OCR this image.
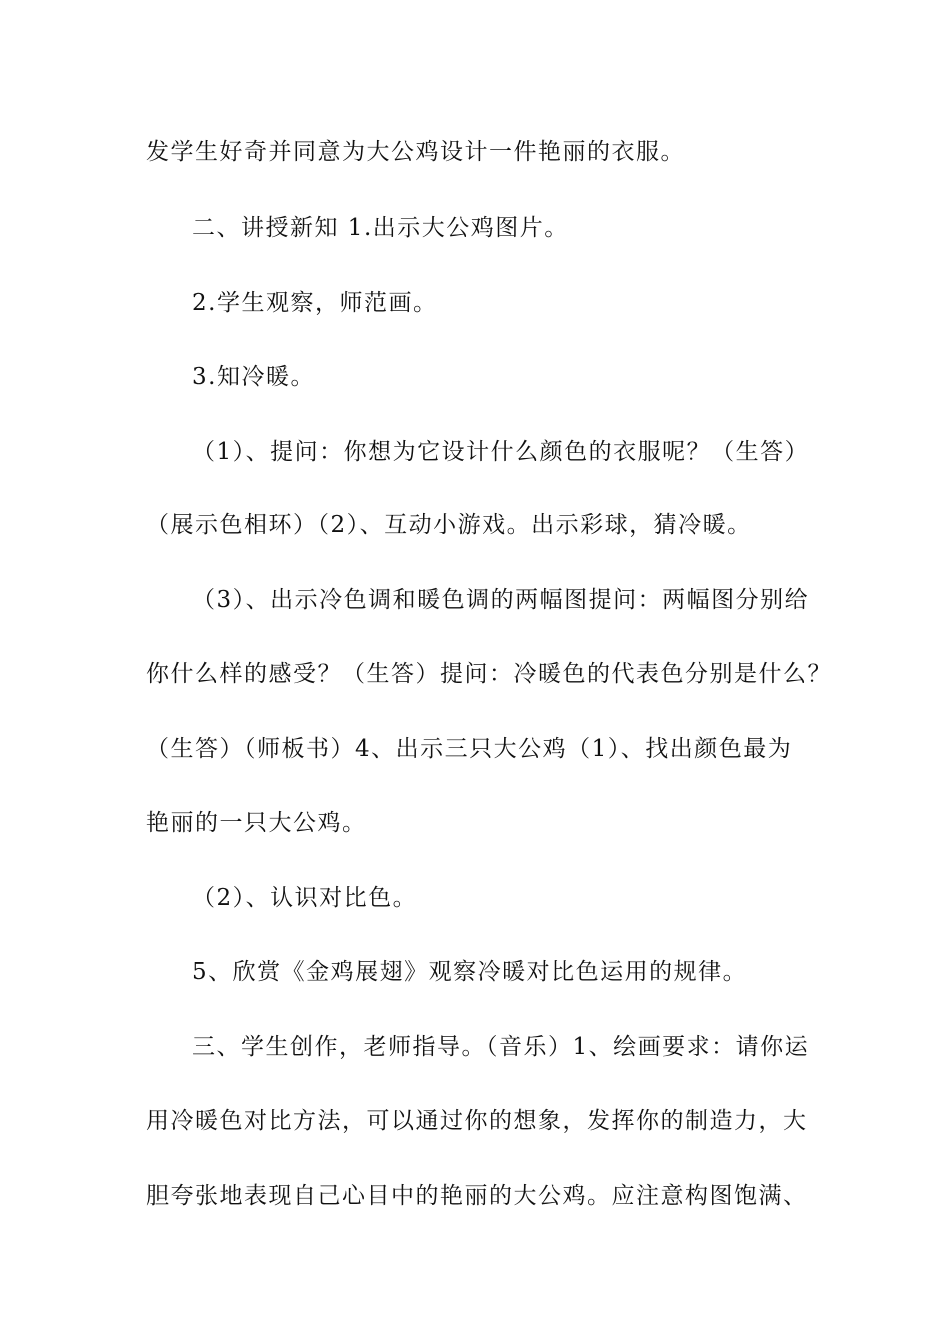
发学生好奇并同意为大公鸡设计一件艳丽的衣服。
二、讲授新知 1.出示大公鸡图片。
2.学生观察，师范画。
3.知冷暖。
（1）、提问：你想为它设计什么颜色的衣服呢？（生答）
（展示色相环）（2）、互动小游戏。出示彩球，猜冷暖。
（3）、出示冷色调和暖色调的两幅图提问：两幅图分别给
你什么样的感受？（生答）提问：冷暖色的代表色分别是什么？
（生答）（师板书）4、出示三只大公鸡（1）、找出颜色最为
艳丽的一只大公鸡。
（2）、认识对比色。
5、欣赏《金鸡展翅》观察冷暖对比色运用的规律。
三、学生创作，老师指导。（音乐）1、绘画要求：请你运
用冷暖色对比方法，可以通过你的想象，发挥你的制造力，大
胆夸张地表现自己心目中的艳丽的大公鸡。应注意构图饱满、
